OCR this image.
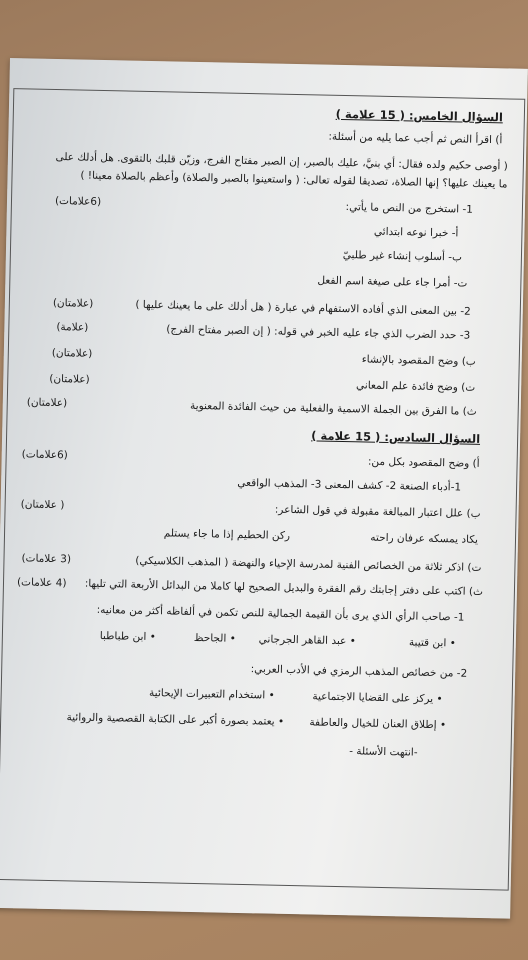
السؤال الخامس: ( 15 علامة )
أ) اقرأ النص ثم أجب عما يليه من أسئلة:
( أوصى حكيم ولده فقال: أي بنيَّ، عليك بالصبر، إن الصبر مفتاح الفرج، وزيّن قلبك بالتقوى. هل أدلك على
ما يعينك عليها؟ إنها الصلاة، تصديقا لقوله تعالى: ( واستعينوا بالصبر والصلاة) وأعظم بالصلاة معينا! )
1- استخرج من النص ما يأتي:
(6علامات)
أ- خبرا نوعه ابتدائي
ب- أسلوب إنشاء غير طلبيّ
ت- أمرا جاء على صيغة اسم الفعل
2- بين المعنى الذي أفاده الاستفهام في عبارة ( هل أدلك على ما يعينك عليها )
(علامتان)
3- حدد الضرب الذي جاء عليه الخبر في قوله: ( إن الصبر مفتاح الفرج)
(علامة)
ب) وضح المقصود بالإنشاء
(علامتان)
ت) وضح فائدة علم المعاني
(علامتان)
ث) ما الفرق بين الجملة الاسمية والفعلية من حيث الفائدة المعنوية
(علامتان)
السؤال السادس: ( 15 علامة )
أ) وضح المقصود بكل من:
(6علامات)
1-أدباء الصنعة 2- كشف المعنى 3- المذهب الواقعي
ب) علل اعتبار المبالغة مقبولة في قول الشاعر:
( علامتان)
يكاد يمسكه عرفان راحته
ركن الحطيم إذا ما جاء يستلم
ت) اذكر ثلاثة من الخصائص الفنية لمدرسة الإحياء والنهضة ( المذهب الكلاسيكي)
(3 علامات)
ث) اكتب على دفتر إجابتك رقم الفقرة والبديل الصحيح لها كاملا من البدائل الأربعة التي تليها:
(4 علامات)
1- صاحب الرأي الذي يرى بأن القيمة الجمالية للنص تكمن في ألفاظه أكثر من معانيه:
• ابن قتيبة
• عبد القاهر الجرجاني
• الجاحظ
• ابن طباطبا
2- من خصائص المذهب الرمزي في الأدب العربي:
• يركز على القضايا الاجتماعية
• استخدام التعبيرات الإيحائية
• إطلاق العنان للخيال والعاطفة
• يعتمد بصورة أكبر على الكتابة القصصية والروائية
-انتهت الأسئلة -
